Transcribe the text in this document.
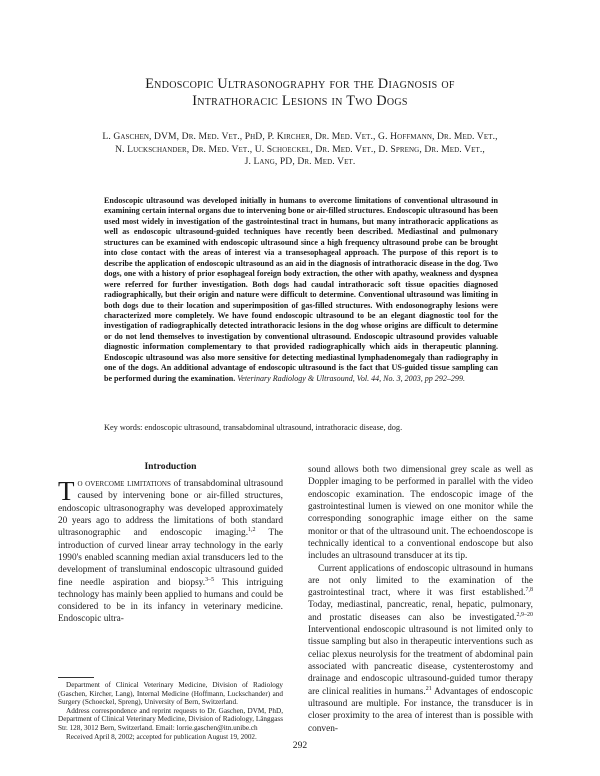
Endoscopic Ultrasonography for the Diagnosis of
Intrathoracic Lesions in Two Dogs
L. Gaschen, DVM, Dr. Med. Vet., PhD, P. Kircher, Dr. Med. Vet., G. Hoffmann, Dr. Med. Vet.,
N. Luckschander, Dr. Med. Vet., U. Schoeckel, Dr. Med. Vet., D. Spreng, Dr. Med. Vet.,
J. Lang, PD, Dr. Med. Vet.

Endoscopic ultrasound was developed initially in humans to overcome limitations of conventional ultrasound in examining certain internal organs due to intervening bone or air-filled structures. Endoscopic ultrasound has been used most widely in investigation of the gastrointestinal tract in humans, but many intrathoracic applications as well as endoscopic ultrasound-guided techniques have recently been described. Mediastinal and pulmonary structures can be examined with endoscopic ultrasound since a high frequency ultrasound probe can be brought into close contact with the areas of interest via a transesophageal approach. The purpose of this report is to describe the application of endoscopic ultrasound as an aid in the diagnosis of intrathoracic disease in the dog. Two dogs, one with a history of prior esophageal foreign body extraction, the other with apathy, weakness and dyspnea were referred for further investigation. Both dogs had caudal intrathoracic soft tissue opacities diagnosed radiographically, but their origin and nature were difficult to determine. Conventional ultrasound was limiting in both dogs due to their location and superimposition of gas-filled structures. With endosonography lesions were characterized more completely. We have found endoscopic ultrasound to be an elegant diagnostic tool for the investigation of radiographically detected intrathoracic lesions in the dog whose origins are difficult to determine or do not lend themselves to investigation by conventional ultrasound. Endoscopic ultrasound provides valuable diagnostic information complementary to that provided radiographically which aids in therapeutic planning. Endoscopic ultrasound was also more sensitive for detecting mediastinal lymphadenomegaly than radiography in one of the dogs. An additional advantage of endoscopic ultrasound is the fact that US-guided tissue sampling can be performed during the examination. Veterinary Radiology & Ultrasound, Vol. 44, No. 3, 2003, pp 292–299.

Key words: endoscopic ultrasound, transabdominal ultrasound, intrathoracic disease, dog.
Introduction

To overcome limitations of transabdominal ultrasound caused by intervening bone or air-filled structures, endoscopic ultrasonography was developed approximately 20 years ago to address the limitations of both standard ultrasonographic and endoscopic imaging.$^{1,2}$ The introduction of curved linear array technology in the early 1990's enabled scanning median axial transducers led to the development of transluminal endoscopic ultrasound guided fine needle aspiration and biopsy.$^{3-5}$ This intriguing technology has mainly been applied to humans and could be considered to be in its infancy in veterinary medicine. Endoscopic ultra-

sound allows both two dimensional grey scale as well as Doppler imaging to be performed in parallel with the video endoscopic examination. The endoscopic image of the gastrointestinal lumen is viewed on one monitor while the corresponding sonographic image either on the same monitor or that of the ultrasound unit. The echoendoscope is technically identical to a conventional endoscope but also includes an ultrasound transducer at its tip.

Current applications of endoscopic ultrasound in humans are not only limited to the examination of the gastrointestinal tract, where it was first established.$^{7,8}$ Today, mediastinal, pancreatic, renal, hepatic, pulmonary, and prostatic diseases can also be investigated.$^{2,9-20}$ Interventional endoscopic ultrasound is not limited only to tissue sampling but also in therapeutic interventions such as celiac plexus neurolysis for the treatment of abdominal pain associated with pancreatic disease, cystenterostomy and drainage and endoscopic ultrasound-guided tumor therapy are clinical realities in humans.$^{21}$ Advantages of endoscopic ultrasound are multiple. For instance, the transducer is in closer proximity to the area of interest than is possible with conven-

Department of Clinical Veterinary Medicine, Division of Radiology (Gaschen, Kircher, Lang), Internal Medicine (Hoffmann, Luckschander) and Surgery (Schoeckel, Spreng), University of Bern, Switzerland.

Address correspondence and reprint requests to Dr. Gaschen, DVM, PhD, Department of Clinical Veterinary Medicine, Division of Radiology, Länggass Str. 128, 3012 Bern, Switzerland. Email: lorrie.gaschen@itn.unibe.ch

Received April 8, 2002; accepted for publication August 19, 2002.

292
